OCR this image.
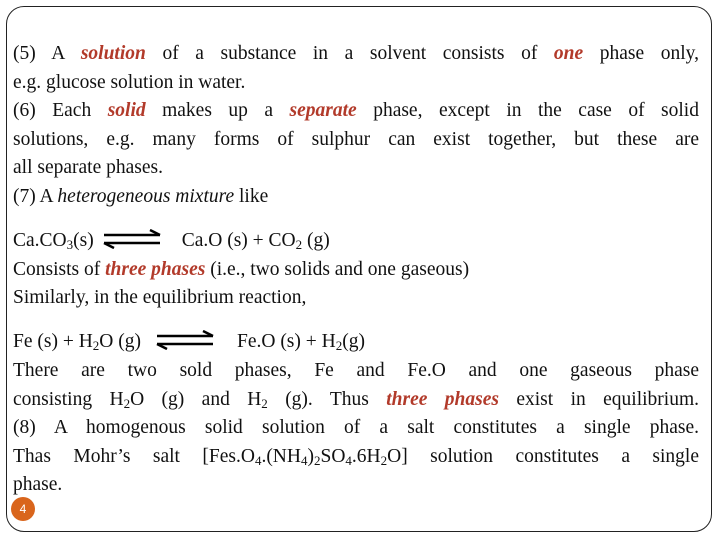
(5) A solution of a substance in a solvent consists of one phase only,
e.g. glucose solution in water.
(6) Each solid makes up a separate phase, except in the case of solid
solutions, e.g. many forms of sulphur can exist together, but these are
all separate phases.
(7) A heterogeneous mixture like
$Ca.CO_3(s)$ ⇌ Ca.O $(s) + CO_2$ (g)
Consists of three phases (i.e., two solids and one gaseous)
Similarly, in the equilibrium reaction,
Fe $(s) + H_2O$ (g) ⇌ Fe.O $(s) + H_2(g)$
There are two sold phases, Fe and Fe.O and one gaseous phase
consisting $H_2O$ (g) and $H_2$ (g). Thus three phases exist in equilibrium.
(8) A homogenous solid solution of a salt constitutes a single phase.
Thas Mohr’s salt $[Fes.O_4.(NH_4)_2SO_4.6H_2O]$ solution constitutes a single
phase.
4
